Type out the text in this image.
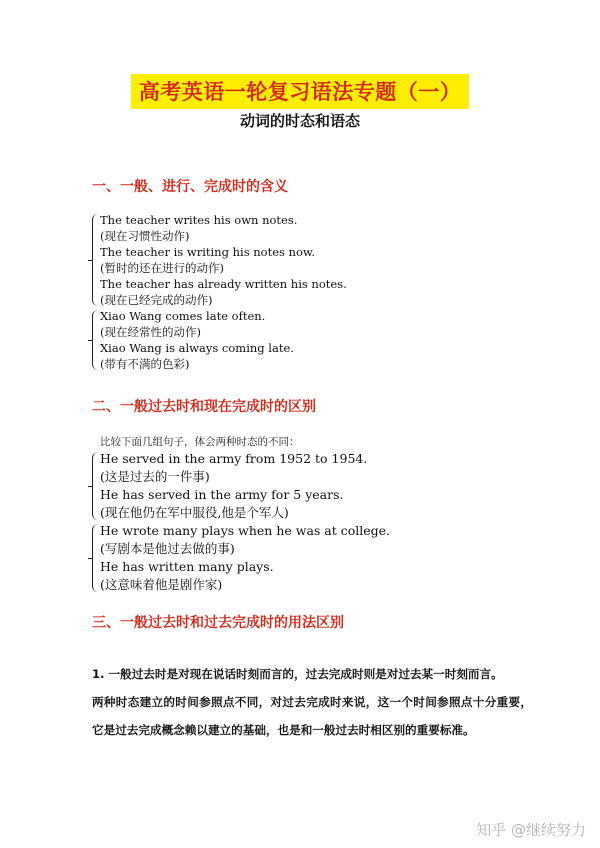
高考英语一轮复习语法专题（一）
动词的时态和语态
一、一般、进行、完成时的含义
The teacher writes his own notes.
(现在习惯性动作)
The teacher is writing his notes now.
(暂时的还在进行的动作)
The teacher has already written his notes.
(现在已经完成的动作)
Xiao Wang comes late often.
(现在经常性的动作)
Xiao Wang is always coming late.
(带有不满的色彩)
二、一般过去时和现在完成时的区别
比较下面几组句子，体会两种时态的不同：
He served in the army from 1952 to 1954.
(这是过去的一件事)
He has served in the army for 5 years.
(现在他仍在军中服役,他是个军人)
He wrote many plays when he was at college.
(写剧本是他过去做的事)
He has written many plays.
(这意味着他是剧作家)
三、一般过去时和过去完成时的用法区别
1. 一般过去时是对现在说话时刻而言的，过去完成时则是对过去某一时刻而言。
两种时态建立的时间参照点不同，对过去完成时来说，这一个时间参照点十分重要，它是过去完成概念赖以建立的基础，也是和一般过去时相区别的重要标准。
知乎 @继续努力
